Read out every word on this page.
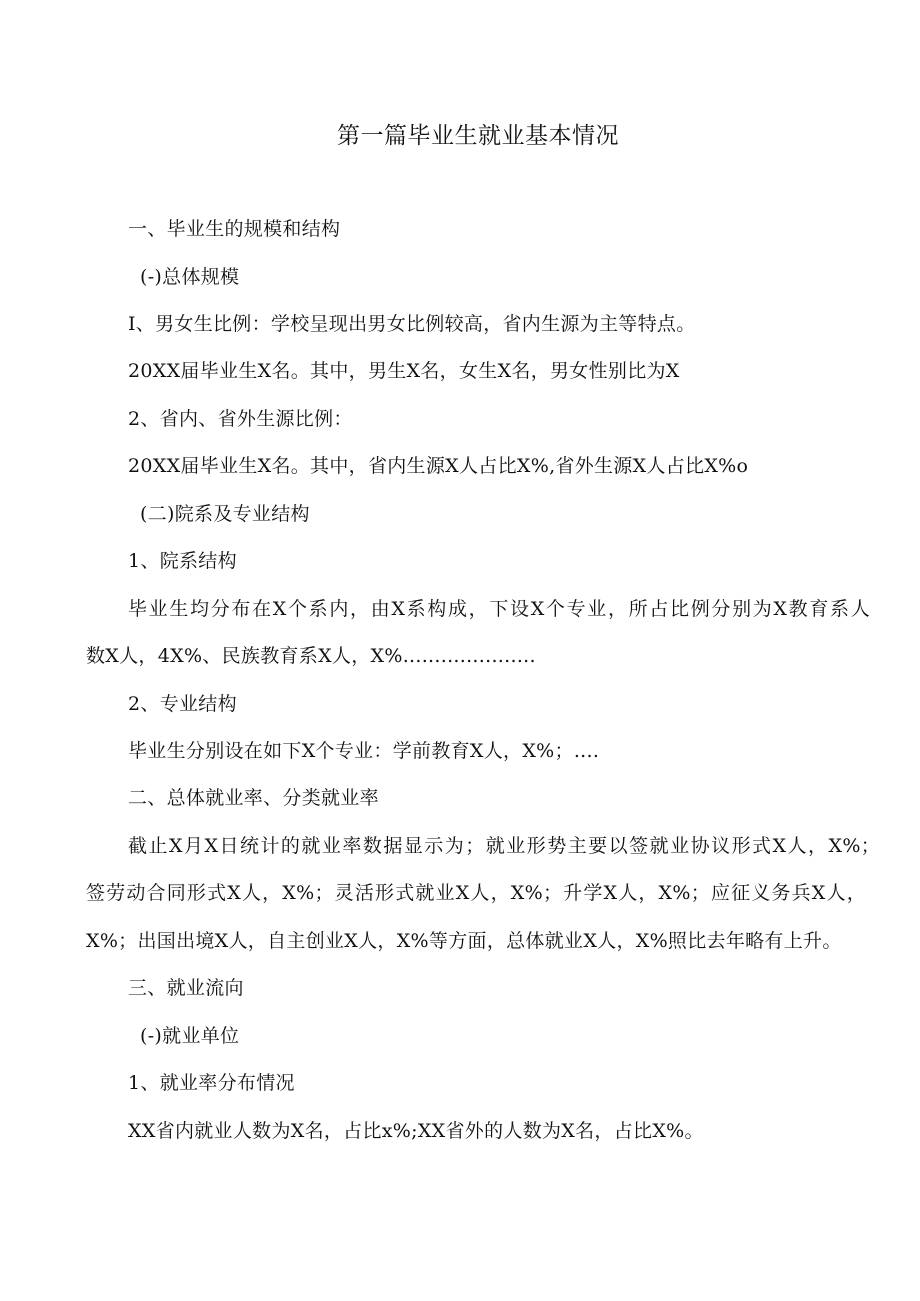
第一篇毕业生就业基本情况
一、毕业生的规模和结构
(-)总体规模
I、男女生比例：学校呈现出男女比例较高，省内生源为主等特点。
20XX届毕业生X名。其中，男生X名，女生X名，男女性别比为X
2、省内、省外生源比例：
20XX届毕业生X名。其中，省内生源X人占比X%,省外生源X人占比X%o
(二)院系及专业结构
1、院系结构
毕业生均分布在X个系内，由X系构成，下设X个专业，所占比例分别为X教育系人
数X人，4X%、民族教育系X人，X%.....................
2、专业结构
毕业生分别设在如下X个专业：学前教育X人，X%；....
二、总体就业率、分类就业率
截止X月X日统计的就业率数据显示为；就业形势主要以签就业协议形式X人，X%；
签劳动合同形式X人，X%；灵活形式就业X人，X%；升学X人，X%；应征义务兵X人，
X%；出国出境X人，自主创业X人，X%等方面，总体就业X人，X%照比去年略有上升。
三、就业流向
(-)就业单位
1、就业率分布情况
XX省内就业人数为X名，占比x%;XX省外的人数为X名，占比X%。
